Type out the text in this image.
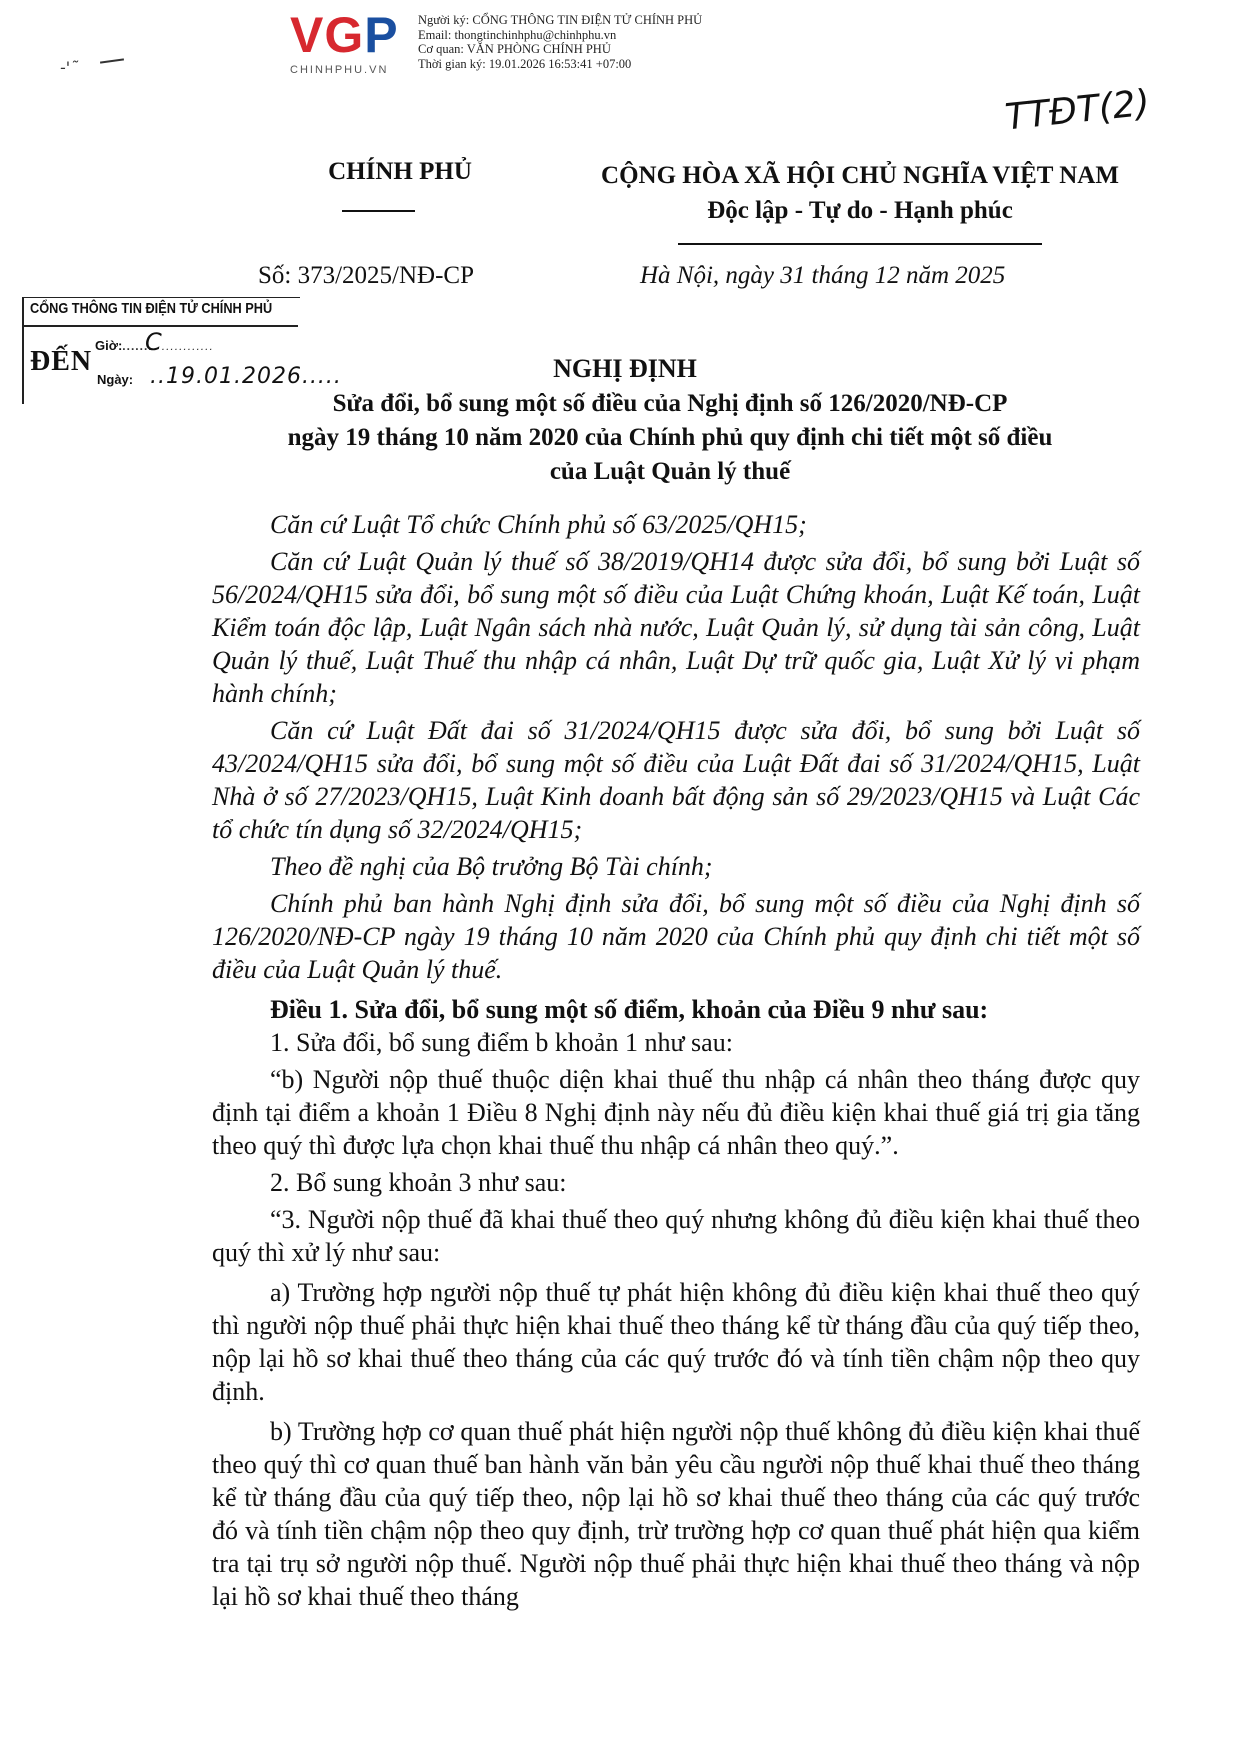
VGP
CHINHPHU.VN
Người ký: CỔNG THÔNG TIN ĐIỆN TỬ CHÍNH PHỦ
Email: thongtinchinhphu@chinhphu.vn
Cơ quan: VĂN PHÒNG CHÍNH PHỦ
Thời gian ký: 19.01.2026 16:53:41 +07:00
-'˜
TTĐT(2)
CHÍNH PHỦ	CỘNG HÒA XÃ HỘI CHỦ NGHĨA VIỆT NAM
Độc lập - Tự do - Hạnh phúc
Số: 373/2025/NĐ-CP	Hà Nội, ngày 31 tháng 12 năm 2025
CỔNG THÔNG TIN ĐIỆN TỬ CHÍNH PHỦ
ĐẾN
Giờ:.......
C............
Ngày: ..19.01.2026.....	NGHỊ ĐỊNH
Sửa đổi, bổ sung một số điều của Nghị định số 126/2020/NĐ-CP
ngày 19 tháng 10 năm 2020 của Chính phủ quy định chi tiết một số điều
của Luật Quản lý thuế

Căn cứ Luật Tổ chức Chính phủ số 63/2025/QH15;

Căn cứ Luật Quản lý thuế số 38/2019/QH14 được sửa đổi, bổ sung bởi Luật số 56/2024/QH15 sửa đổi, bổ sung một số điều của Luật Chứng khoán, Luật Kế toán, Luật Kiểm toán độc lập, Luật Ngân sách nhà nước, Luật Quản lý, sử dụng tài sản công, Luật Quản lý thuế, Luật Thuế thu nhập cá nhân, Luật Dự trữ quốc gia, Luật Xử lý vi phạm hành chính;

Căn cứ Luật Đất đai số 31/2024/QH15 được sửa đổi, bổ sung bởi Luật số 43/2024/QH15 sửa đổi, bổ sung một số điều của Luật Đất đai số 31/2024/QH15, Luật Nhà ở số 27/2023/QH15, Luật Kinh doanh bất động sản số 29/2023/QH15 và Luật Các tổ chức tín dụng số 32/2024/QH15;

Theo đề nghị của Bộ trưởng Bộ Tài chính;

Chính phủ ban hành Nghị định sửa đổi, bổ sung một số điều của Nghị định số 126/2020/NĐ-CP ngày 19 tháng 10 năm 2020 của Chính phủ quy định chi tiết một số điều của Luật Quản lý thuế.

Điều 1. Sửa đổi, bổ sung một số điểm, khoản của Điều 9 như sau:

1. Sửa đổi, bổ sung điểm b khoản 1 như sau:

“b) Người nộp thuế thuộc diện khai thuế thu nhập cá nhân theo tháng được quy định tại điểm a khoản 1 Điều 8 Nghị định này nếu đủ điều kiện khai thuế giá trị gia tăng theo quý thì được lựa chọn khai thuế thu nhập cá nhân theo quý.”.

2. Bổ sung khoản 3 như sau:

“3. Người nộp thuế đã khai thuế theo quý nhưng không đủ điều kiện khai thuế theo quý thì xử lý như sau:

a) Trường hợp người nộp thuế tự phát hiện không đủ điều kiện khai thuế theo quý thì người nộp thuế phải thực hiện khai thuế theo tháng kể từ tháng đầu của quý tiếp theo, nộp lại hồ sơ khai thuế theo tháng của các quý trước đó và tính tiền chậm nộp theo quy định.

b) Trường hợp cơ quan thuế phát hiện người nộp thuế không đủ điều kiện khai thuế theo quý thì cơ quan thuế ban hành văn bản yêu cầu người nộp thuế khai thuế theo tháng kể từ tháng đầu của quý tiếp theo, nộp lại hồ sơ khai thuế theo tháng của các quý trước đó và tính tiền chậm nộp theo quy định, trừ trường hợp cơ quan thuế phát hiện qua kiểm tra tại trụ sở người nộp thuế. Người nộp thuế phải thực hiện khai thuế theo tháng và nộp lại hồ sơ khai thuế theo tháng
